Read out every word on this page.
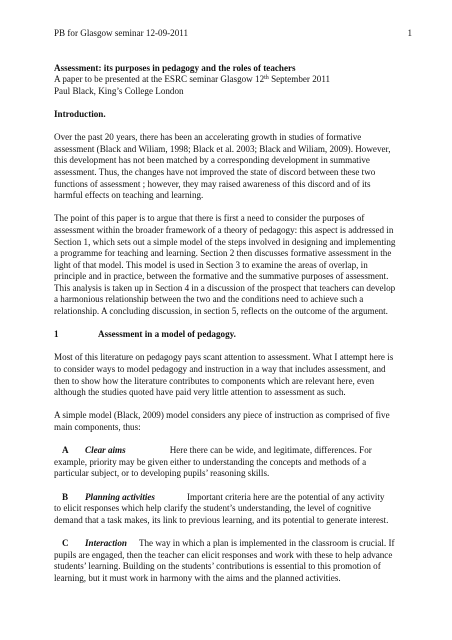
PB for Glasgow seminar 12-09-2011	1
Assessment: its purposes in pedagogy and the roles of teachers
A paper to be presented at the ESRC seminar Glasgow 12th September 2011
Paul Black, King’s College London

Introduction.

Over the past 20 years, there has been an accelerating growth in studies of formative
assessment (Black and Wiliam, 1998; Black et al. 2003; Black and Wiliam, 2009). However,
this development has not been matched by a corresponding development in summative
assessment. Thus, the changes have not improved the state of discord between these two
functions of assessment ; however, they may raised awareness of this discord and of its
harmful effects on teaching and learning.

The point of this paper is to argue that there is first a need to consider the purposes of
assessment within the broader framework of a theory of pedagogy: this aspect is addressed in
Section 1, which sets out a simple model of the steps involved in designing and implementing
a programme for teaching and learning. Section 2 then discusses formative assessment in the
light of that model. This model is used in Section 3 to examine the areas of overlap, in
principle and in practice, between the formative and the summative purposes of assessment.
This analysis is taken up in Section 4 in a discussion of the prospect that teachers can develop
a harmonious relationship between the two and the conditions need to achieve such a
relationship. A concluding discussion, in section 5, reflects on the outcome of the argument.

1	Assessment in a model of pedagogy.

Most of this literature on pedagogy pays scant attention to assessment. What I attempt here is
to consider ways to model pedagogy and instruction in a way that includes assessment, and
then to show how the literature contributes to components which are relevant here, even
although the studies quoted have paid very little attention to assessment as such.

A simple model (Black, 2009) model considers any piece of instruction as comprised of five
main components, thus:

A Clear aims	Here there can be wide, and legitimate, differences. For
example, priority may be given either to understanding the concepts and methods of a
particular subject, or to developing pupils’ reasoning skills.

B Planning activities	Important criteria here are the potential of any activity
to elicit responses which help clarify the student’s understanding, the level of cognitive
demand that a task makes, its link to previous learning, and its potential to generate interest.

C Interaction The way in which a plan is implemented in the classroom is crucial. If
pupils are engaged, then the teacher can elicit responses and work with these to help advance
students’ learning. Building on the students’ contributions is essential to this promotion of
learning, but it must work in harmony with the aims and the planned activities.
